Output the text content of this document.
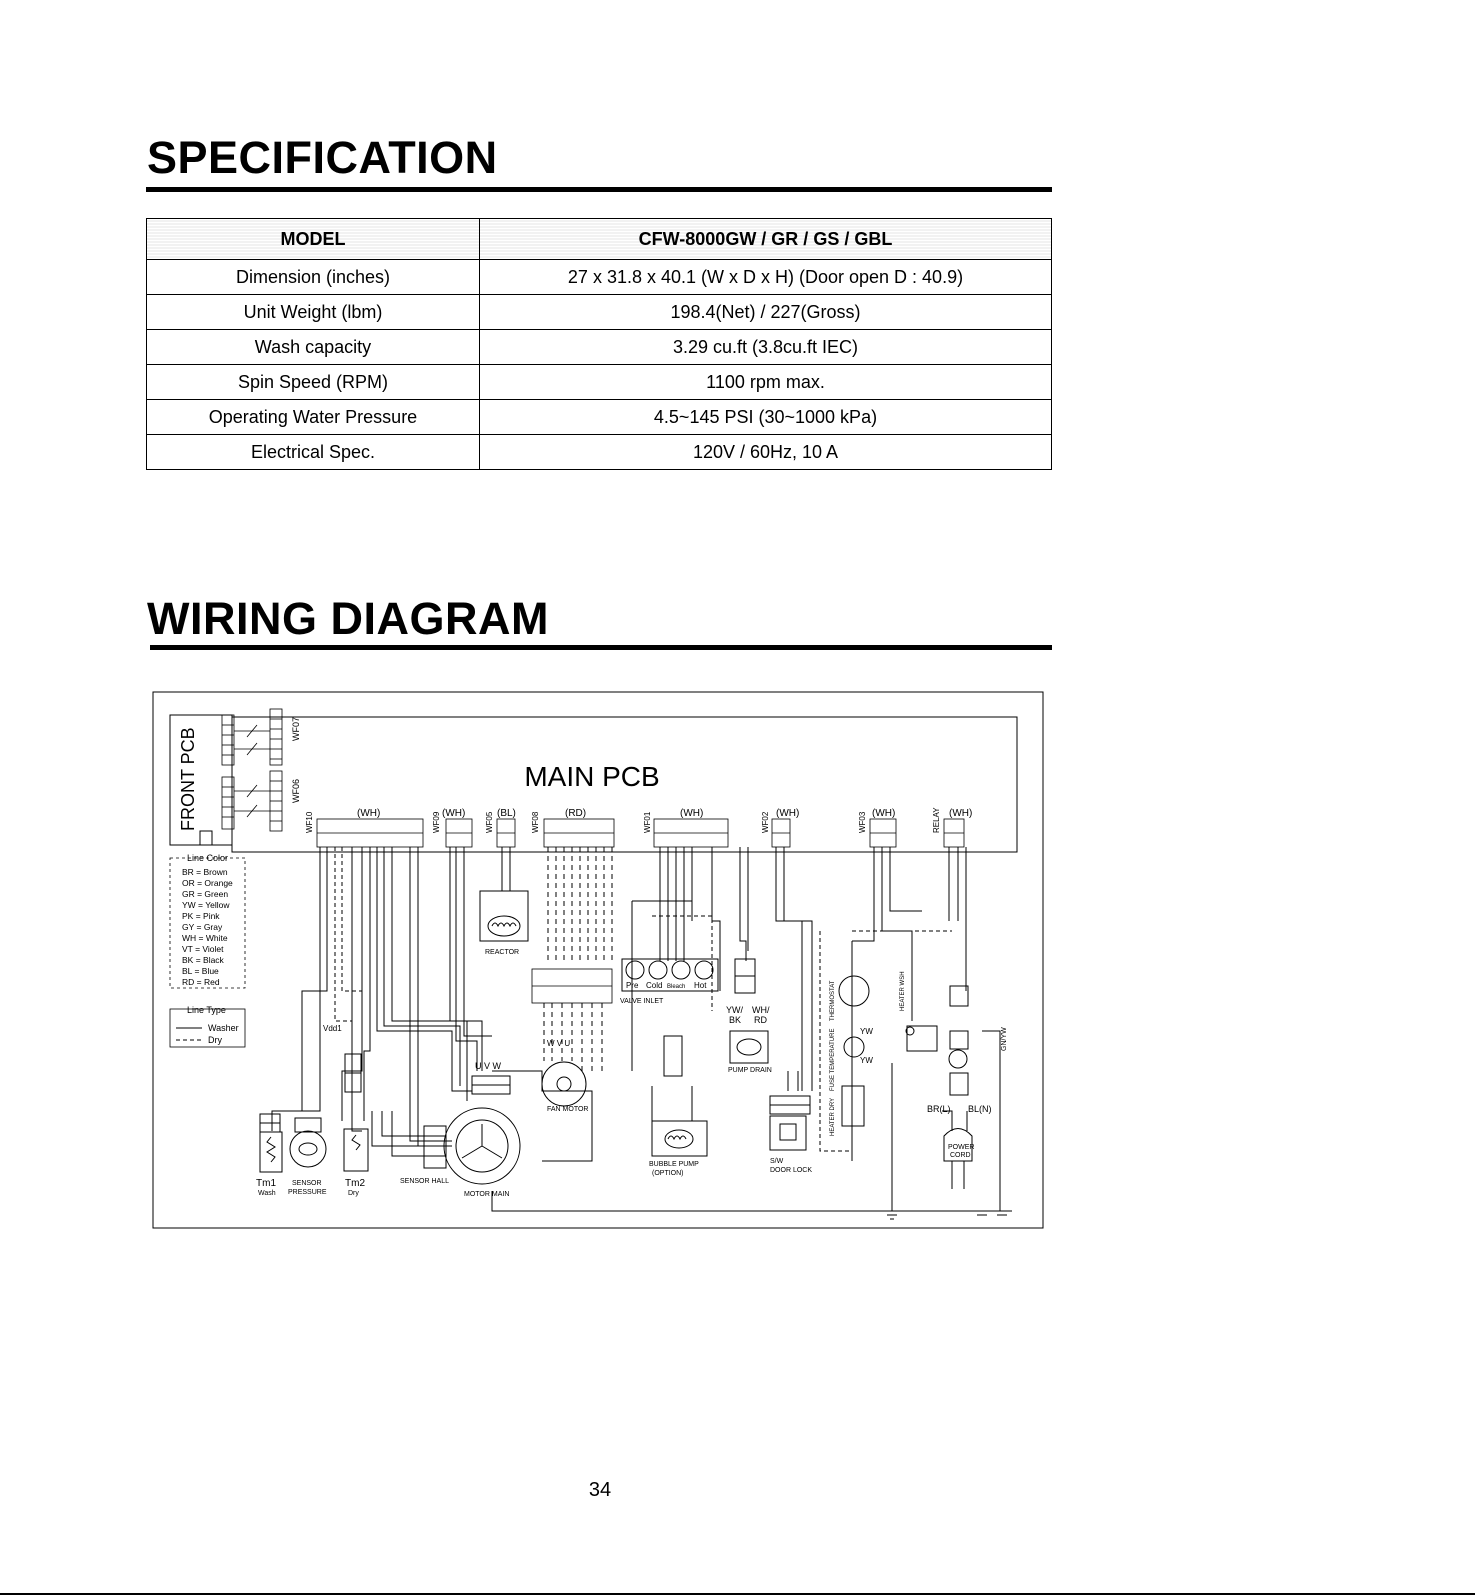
SPECIFICATION
MODEL	CFW-8000GW / GR / GS / GBL
Dimension (inches)	27 x 31.8 x 40.1 (W x D x H) (Door open D : 40.9)
Unit Weight (lbm)	198.4(Net) / 227(Gross)
Wash capacity	3.29 cu.ft (3.8cu.ft IEC)
Spin Speed (RPM)	1100 rpm max.
Operating Water Pressure	4.5~145 PSI (30~1000 kPa)
Electrical Spec.	120V / 60Hz, 10 A
WIRING DIAGRAM
MAIN PCB
FRONT PCB	WF07
WF06
(WH)	(WH)	(BL)	(RD)	(WH)	(WH)	(WH)	(WH)
WF10	WF09	WF05	WF08	WF01	WF02	WF03	RELAY
Line Color
BR = Brown
OR = Orange
GR = Green
YW = Yellow
PK = Pink
GY = Gray
WH = White
VT = Violet
BK = Black
BL = Blue
RD = Red
Line Type
Washer
Dry
REACTOR
FAN MOTOR
Pre Cold Bleach Hot
VALVE INLET
BUBBLE PUMP
(OPTION)
PUMP DRAIN
YW/
BK
WH/
RD
S/W
DOOR LOCK
THERMOSTAT
FUSE TEMPERATURE
HEATER DRY
HEATER WSH
YW
YW
POWER
CORD
BR(L) BL(N)
GN/YW
MOTOR MAIN
U V W
W V U
SENSOR HALL
Tm1
Wash
SENSOR
PRESSURE
Tm2
Dry
Vdd1
34
